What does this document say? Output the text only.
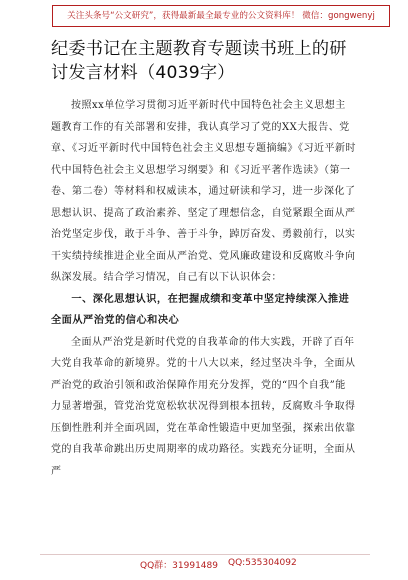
关注头条号“公文研究”，获得最新最全最专业的公文资料库！ 微信：gongwenyj
纪委书记在主题教育专题读书班上的研讨发言材料（4039字）

按照xx单位学习贯彻习近平新时代中国特色社会主义思想主题教育工作的有关部署和安排，我认真学习了党的XX大报告、党章、《习近平新时代中国特色社会主义思想专题摘编》《习近平新时代中国特色社会主义思想学习纲要》和《习近平著作选读》（第一卷、第二卷）等材料和权威读本，通过研读和学习，进一步深化了思想认识、提高了政治素养、坚定了理想信念，自觉紧跟全面从严治党坚定步伐，敢于斗争、善于斗争，踔厉奋发、勇毅前行，以实干实绩持续推进企业全面从严治党、党风廉政建设和反腐败斗争向纵深发展。结合学习情况，自己有以下认识体会：

一、深化思想认识，在把握成绩和变革中坚定持续深入推进全面从严治党的信心和决心

全面从严治党是新时代党的自我革命的伟大实践，开辟了百年大党自我革命的新境界。党的十八大以来，经过坚决斗争，全面从严治党的政治引领和政治保障作用充分发挥，党的“四个自我”能力显著增强，管党治党宽松软状况得到根本扭转，反腐败斗争取得压倒性胜利并全面巩固，党在革命性锻造中更加坚强，探索出依靠党的自我革命跳出历史周期率的成功路径。实践充分证明，全面从严

QQ群：31991489 QQ:535304092
